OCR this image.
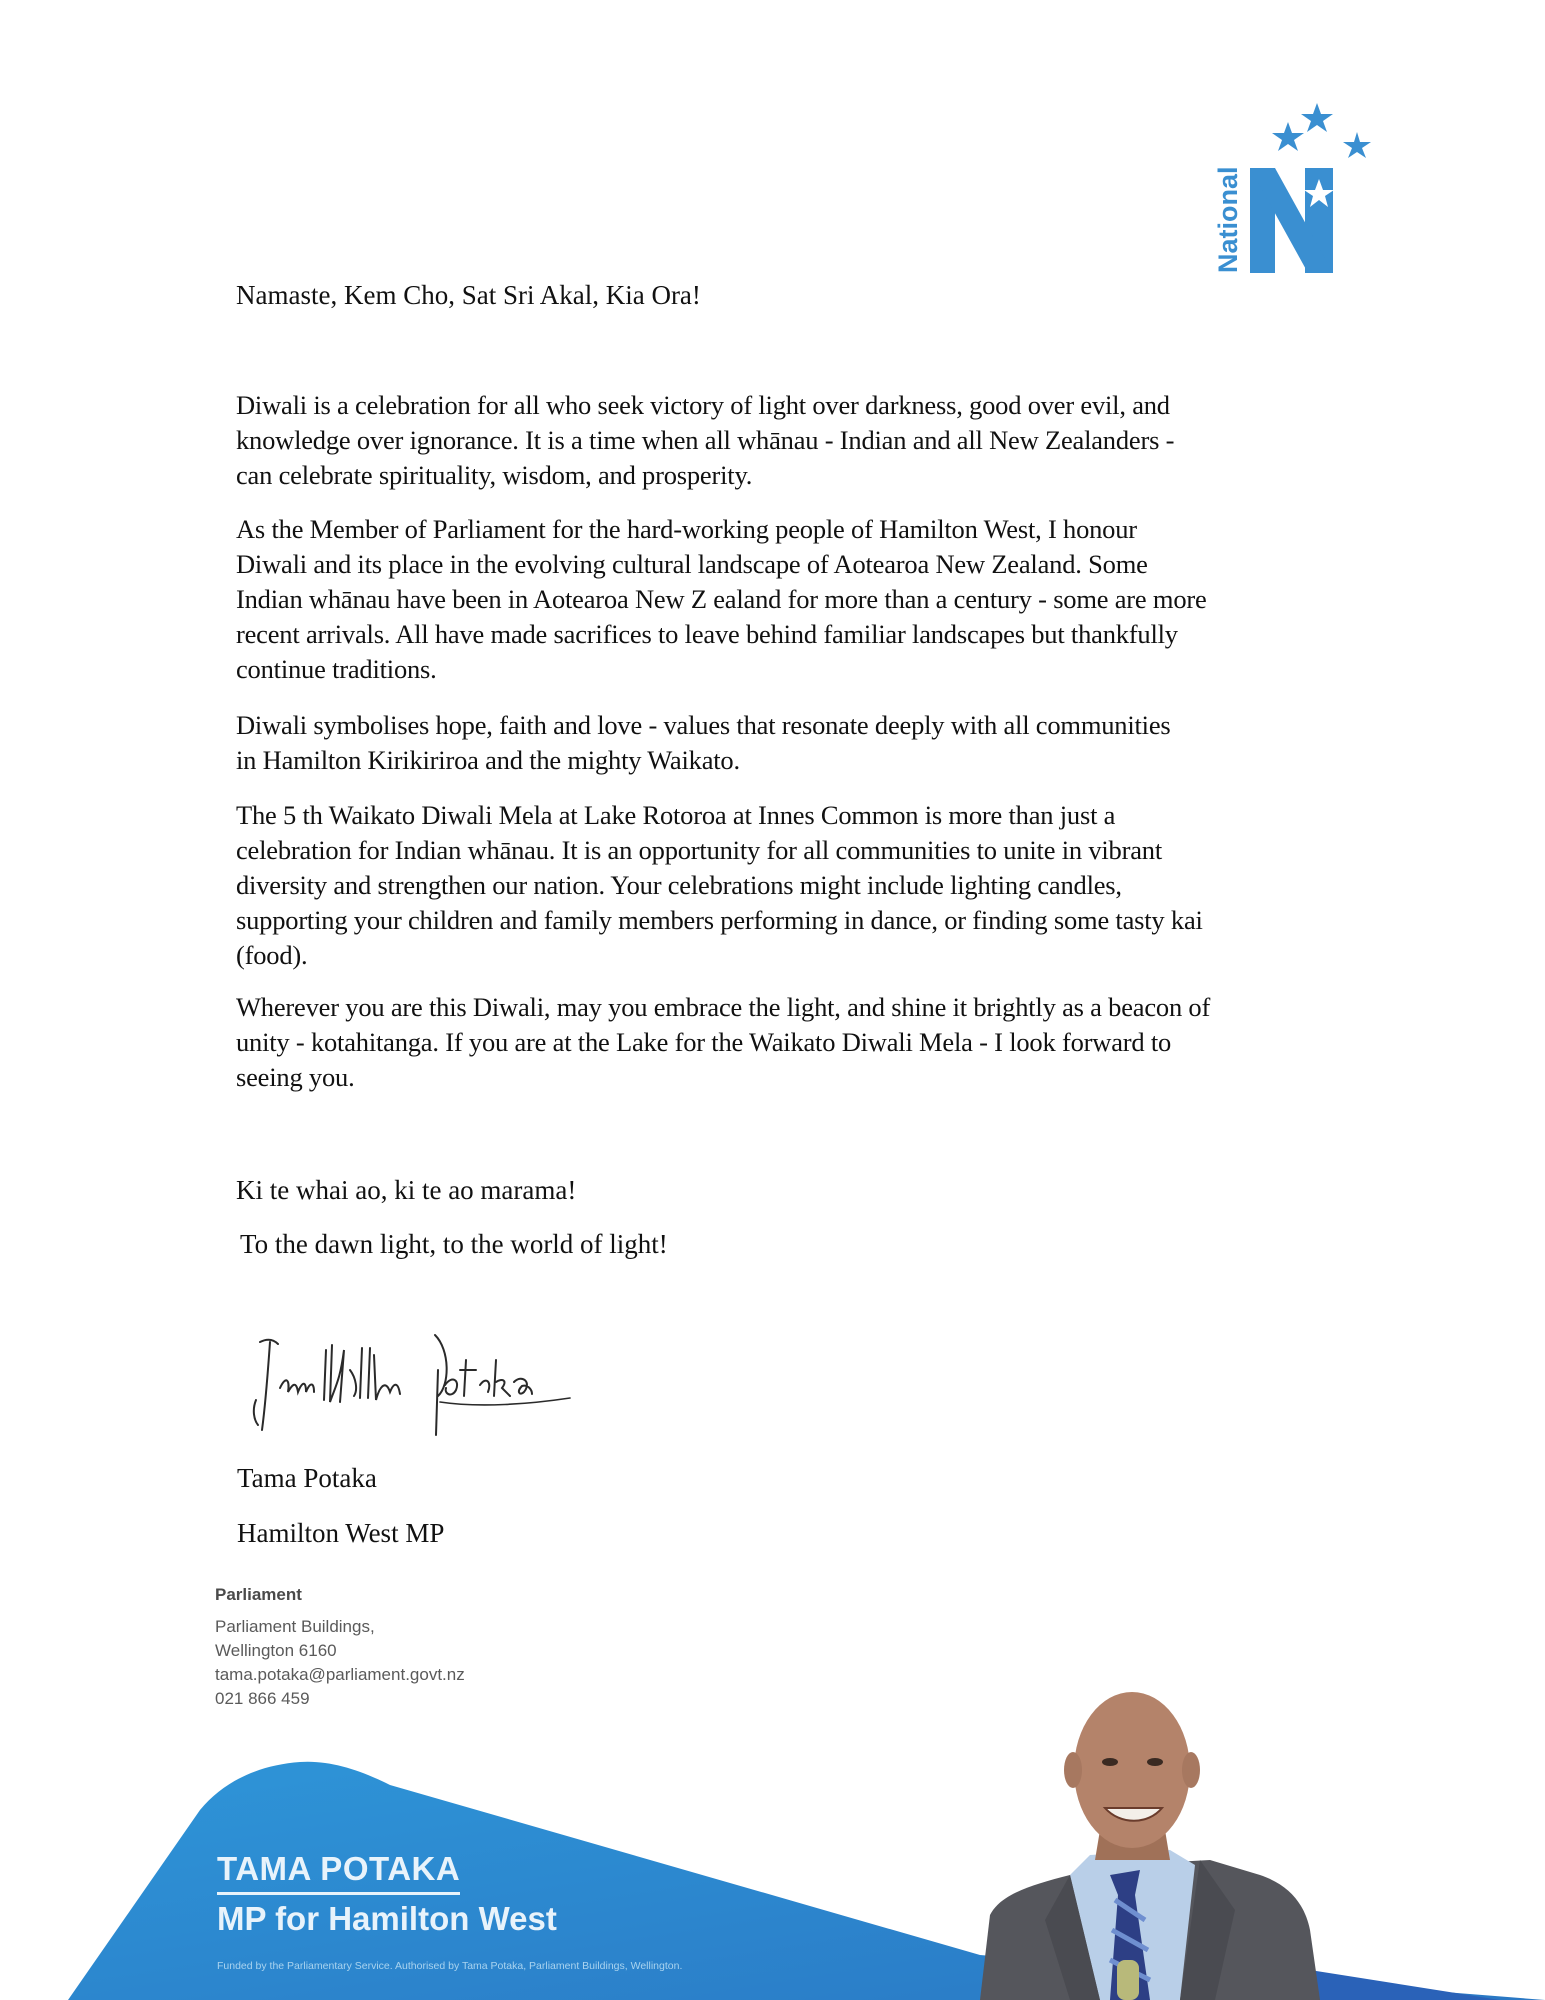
National
Namaste, Kem Cho, Sat Sri Akal, Kia Ora!
Diwali is a celebration for all who seek victory of light over darkness, good over evil, and
knowledge over ignorance. It is a time when all whānau - Indian and all New Zealanders -
can celebrate spirituality, wisdom, and prosperity.
As the Member of Parliament for the hard-working people of Hamilton West, I honour
Diwali and its place in the evolving cultural landscape of Aotearoa New Zealand. Some
Indian whānau have been in Aotearoa New Z ealand for more than a century - some are more
recent arrivals. All have made sacrifices to leave behind familiar landscapes but thankfully
continue traditions.
Diwali symbolises hope, faith and love - values that resonate deeply with all communities
in Hamilton Kirikiriroa and the mighty Waikato.
The 5 th Waikato Diwali Mela at Lake Rotoroa at Innes Common is more than just a
celebration for Indian whānau. It is an opportunity for all communities to unite in vibrant
diversity and strengthen our nation. Your celebrations might include lighting candles,
supporting your children and family members performing in dance, or finding some tasty kai
(food).
Wherever you are this Diwali, may you embrace the light, and shine it brightly as a beacon of
unity - kotahitanga. If you are at the Lake for the Waikato Diwali Mela - I look forward to
seeing you.
Ki te whai ao, ki te ao marama!
To the dawn light, to the world of light!
Tama Potaka
Hamilton West MP
Parliament
Parliament Buildings,
Wellington 6160
tama.potaka@parliament.govt.nz
021 866 459
TAMA POTAKA
MP for Hamilton West
Funded by the Parliamentary Service. Authorised by Tama Potaka, Parliament Buildings, Wellington.
